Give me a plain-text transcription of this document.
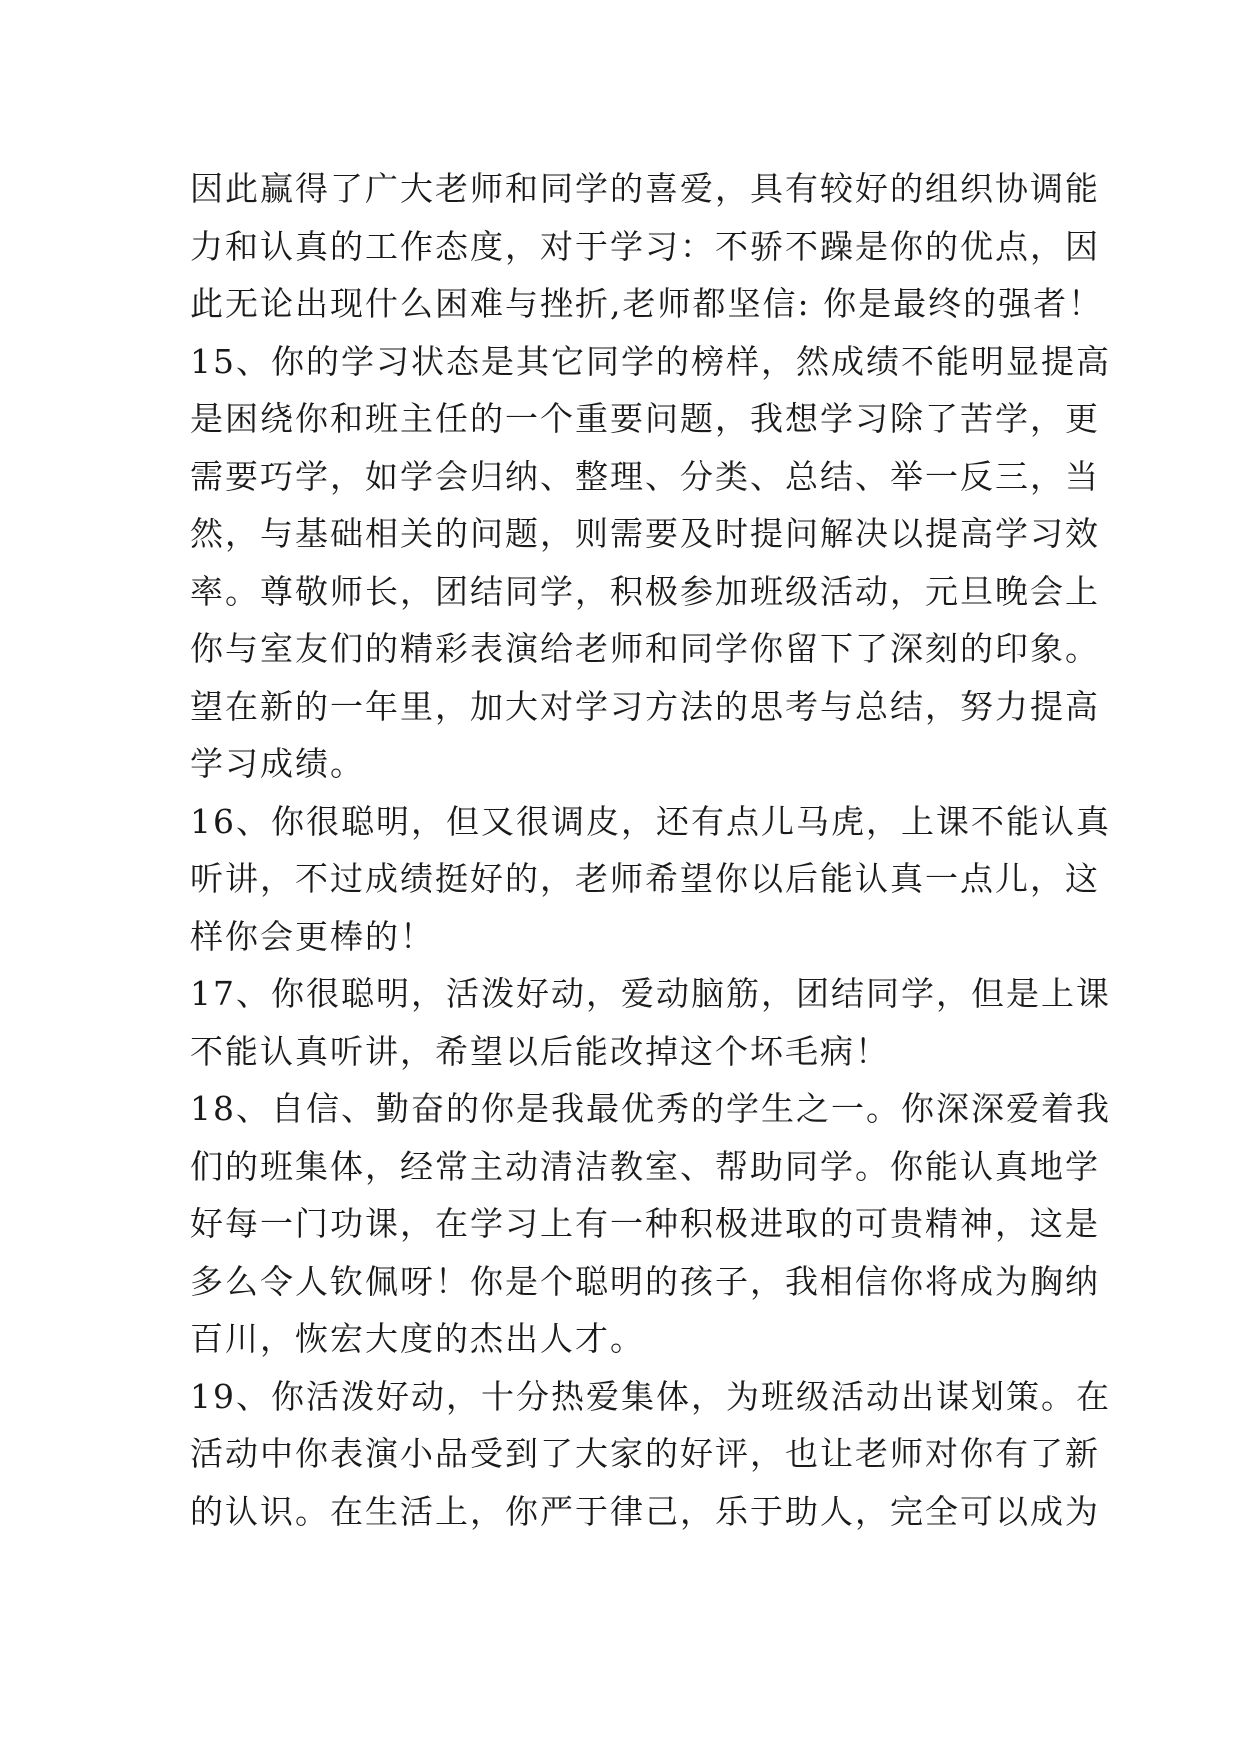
因此赢得了广大老师和同学的喜爱，具有较好的组织协调能
力和认真的工作态度，对于学习：不骄不躁是你的优点，因
此无论出现什么困难与挫折,老师都坚信: 你是最终的强者！
15、你的学习状态是其它同学的榜样，然成绩不能明显提高
是困绕你和班主任的一个重要问题，我想学习除了苦学，更
需要巧学，如学会归纳、整理、分类、总结、举一反三，当
然，与基础相关的问题，则需要及时提问解决以提高学习效
率。尊敬师长，团结同学，积极参加班级活动，元旦晚会上
你与室友们的精彩表演给老师和同学你留下了深刻的印象。
望在新的一年里，加大对学习方法的思考与总结，努力提高
学习成绩。
16、你很聪明，但又很调皮，还有点儿马虎，上课不能认真
听讲，不过成绩挺好的，老师希望你以后能认真一点儿，这
样你会更棒的！
17、你很聪明，活泼好动，爱动脑筋，团结同学，但是上课
不能认真听讲，希望以后能改掉这个坏毛病！
18、自信、勤奋的你是我最优秀的学生之一。你深深爱着我
们的班集体，经常主动清洁教室、帮助同学。你能认真地学
好每一门功课，在学习上有一种积极进取的可贵精神，这是
多么令人钦佩呀！你是个聪明的孩子，我相信你将成为胸纳
百川，恢宏大度的杰出人才。
19、你活泼好动，十分热爱集体，为班级活动出谋划策。在
活动中你表演小品受到了大家的好评，也让老师对你有了新
的认识。在生活上，你严于律己，乐于助人，完全可以成为
